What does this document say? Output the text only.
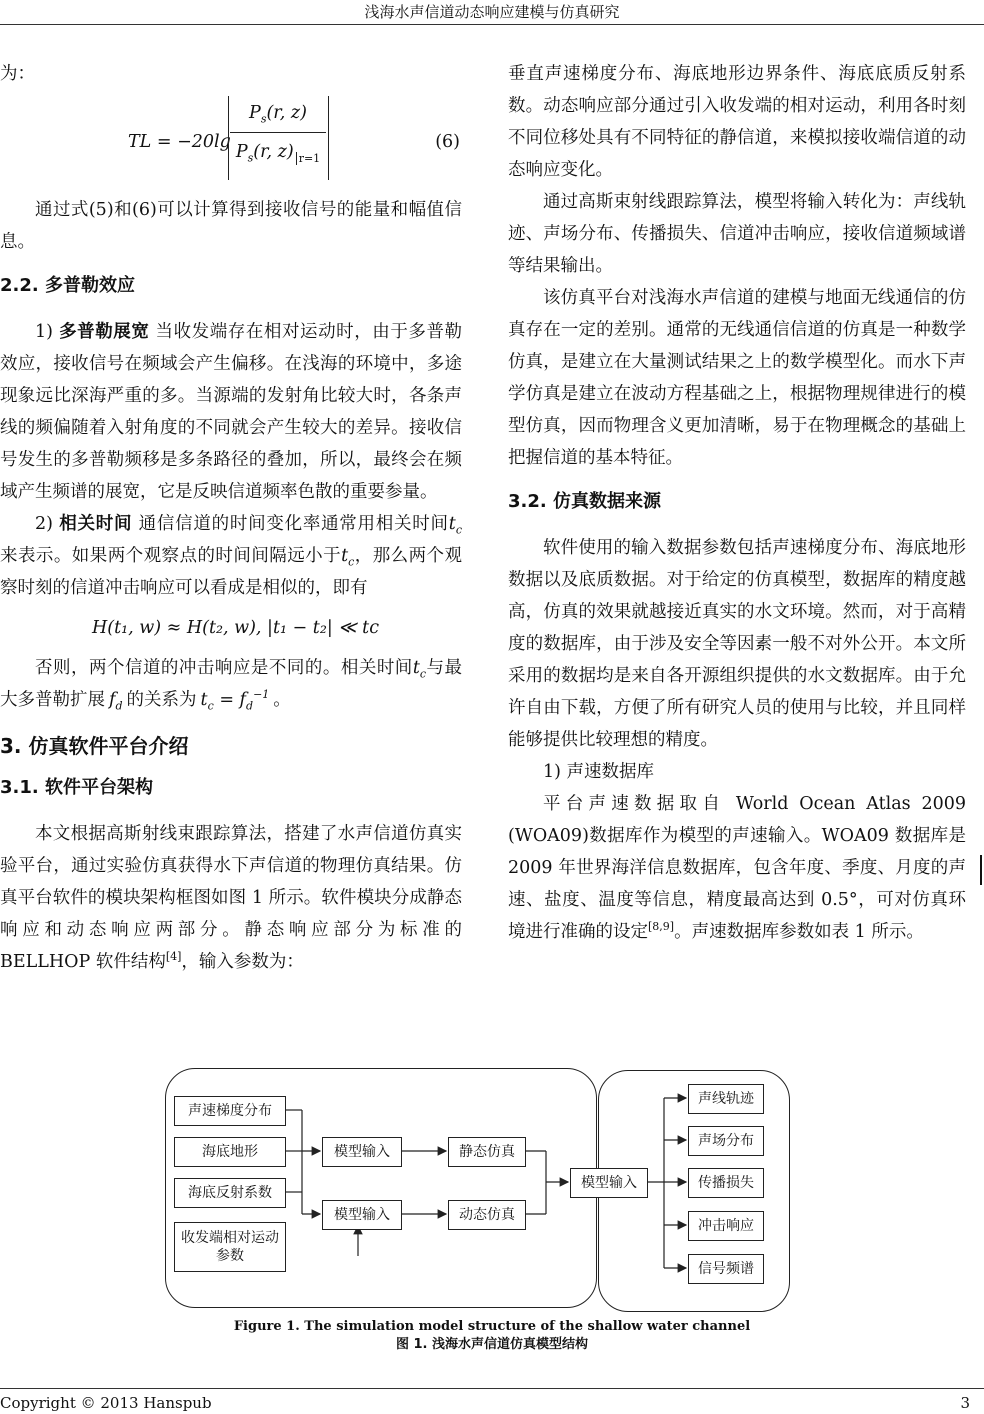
浅海水声信道动态响应建模与仿真研究

为：

TL = −20lg
$P_s(r$, z)
$P_s(r$, z) $_{r=1}$
(6)

通过式(5)和(6)可以计算得到接收信号的能量和幅值信息。

2.2. 多普勒效应

1) 多普勒展宽 当收发端存在相对运动时，由于多普勒效应，接收信号在频域会产生偏移。在浅海的环境中，多途现象远比深海严重的多。当源端的发射角比较大时，各条声线的频偏随着入射角度的不同就会产生较大的差异。接收信号发生的多普勒频移是多条路径的叠加，所以，最终会在频域产生频谱的展宽，它是反映信道频率色散的重要参量。

2) 相关时间 通信信道的时间变化率通常用相关时间$t_c$来表示。如果两个观察点的时间间隔远小于$t_c$，那么两个观察时刻的信道冲击响应可以看成是相似的，即有

H(t₁, w) ≈ H(t₂, w), |t₁ − t₂| ≪ tc

否则，两个信道的冲击响应是不同的。相关时间$t_c$与最大多普勒扩展 $f_d$ 的关系为 $t_c = f_d^{-1}$ 。

3. 仿真软件平台介绍
3.1. 软件平台架构

本文根据高斯射线束跟踪算法，搭建了水声信道仿真实验平台，通过实验仿真获得水下声信道的物理仿真结果。仿真平台软件的模块架构框图如图 1 所示。软件模块分成静态响应和动态响应两部分。静态响应部分为标准的 BELLHOP 软件结构[4]，输入参数为：

垂直声速梯度分布、海底地形边界条件、海底底质反射系数。动态响应部分通过引入收发端的相对运动，利用各时刻不同位移处具有不同特征的静信道，来模拟接收端信道的动态响应变化。

通过高斯束射线跟踪算法，模型将输入转化为：声线轨迹、声场分布、传播损失、信道冲击响应，接收信道频域谱等结果输出。

该仿真平台对浅海水声信道的建模与地面无线通信的仿真存在一定的差别。通常的无线通信信道的仿真是一种数学仿真，是建立在大量测试结果之上的数学模型化。而水下声学仿真是建立在波动方程基础之上，根据物理规律进行的模型仿真，因而物理含义更加清晰，易于在物理概念的基础上把握信道的基本特征。

3.2. 仿真数据来源

软件使用的输入数据参数包括声速梯度分布、海底地形数据以及底质数据。对于给定的仿真模型，数据库的精度越高，仿真的效果就越接近真实的水文环境。然而，对于高精度的数据库，由于涉及安全等因素一般不对外公开。本文所采用的数据均是来自各开源组织提供的水文数据库。由于允许自由下载，方便了所有研究人员的使用与比较，并且同样能够提供比较理想的精度。

1) 声速数据库

平台声速数据取自 World Ocean Atlas 2009 (WOA09)数据库作为模型的声速输入。WOA09 数据库是 2009 年世界海洋信息数据库，包含年度、季度、月度的声速、盐度、温度等信息，精度最高达到 0.5°，可对仿真环境进行准确的设定[8,9]。声速数据库参数如表 1 所示。

声速梯度分布
海底地形
海底反射系数
收发端相对运动参数
模型输入
模型输入
静态仿真
动态仿真
模型输入
声线轨迹
声场分布
传播损失
冲击响应
信号频谱
Figure 1. The simulation model structure of the shallow water channel
图 1. 浅海水声信道仿真模型结构
Copyright © 2013 Hanspub	3
